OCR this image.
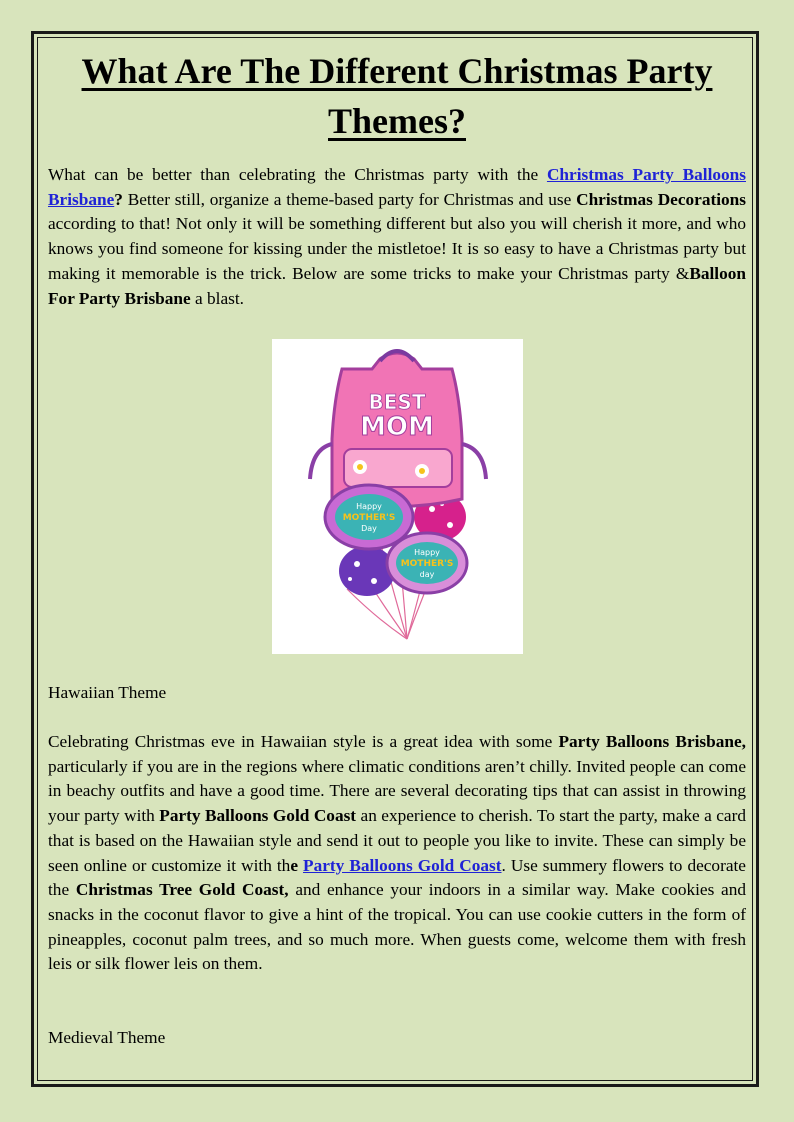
What Are The Different Christmas Party
Themes?

What can be better than celebrating the Christmas party with the Christmas Party Balloons Brisbane? Better still, organize a theme-based party for Christmas and use Christmas Decorations according to that! Not only it will be something different but also you will cherish it more, and who knows you find someone for kissing under the mistletoe! It is so easy to have a Christmas party but making it memorable is the trick. Below are some tricks to make your Christmas party &Balloon For Party Brisbane a blast.

BEST
MOM
Happy
MOTHER'S
Day
Happy
MOTHER'S
day

Hawaiian Theme

Celebrating Christmas eve in Hawaiian style is a great idea with some Party Balloons Brisbane, particularly if you are in the regions where climatic conditions aren’t chilly. Invited people can come in beachy outfits and have a good time. There are several decorating tips that can assist in throwing your party with Party Balloons Gold Coast an experience to cherish. To start the party, make a card that is based on the Hawaiian style and send it out to people you like to invite. These can simply be seen online or customize it with the Party Balloons Gold Coast. Use summery flowers to decorate the Christmas Tree Gold Coast, and enhance your indoors in a similar way. Make cookies and snacks in the coconut flavor to give a hint of the tropical. You can use cookie cutters in the form of pineapples, coconut palm trees, and so much more. When guests come, welcome them with fresh leis or silk flower leis on them.

Medieval Theme
